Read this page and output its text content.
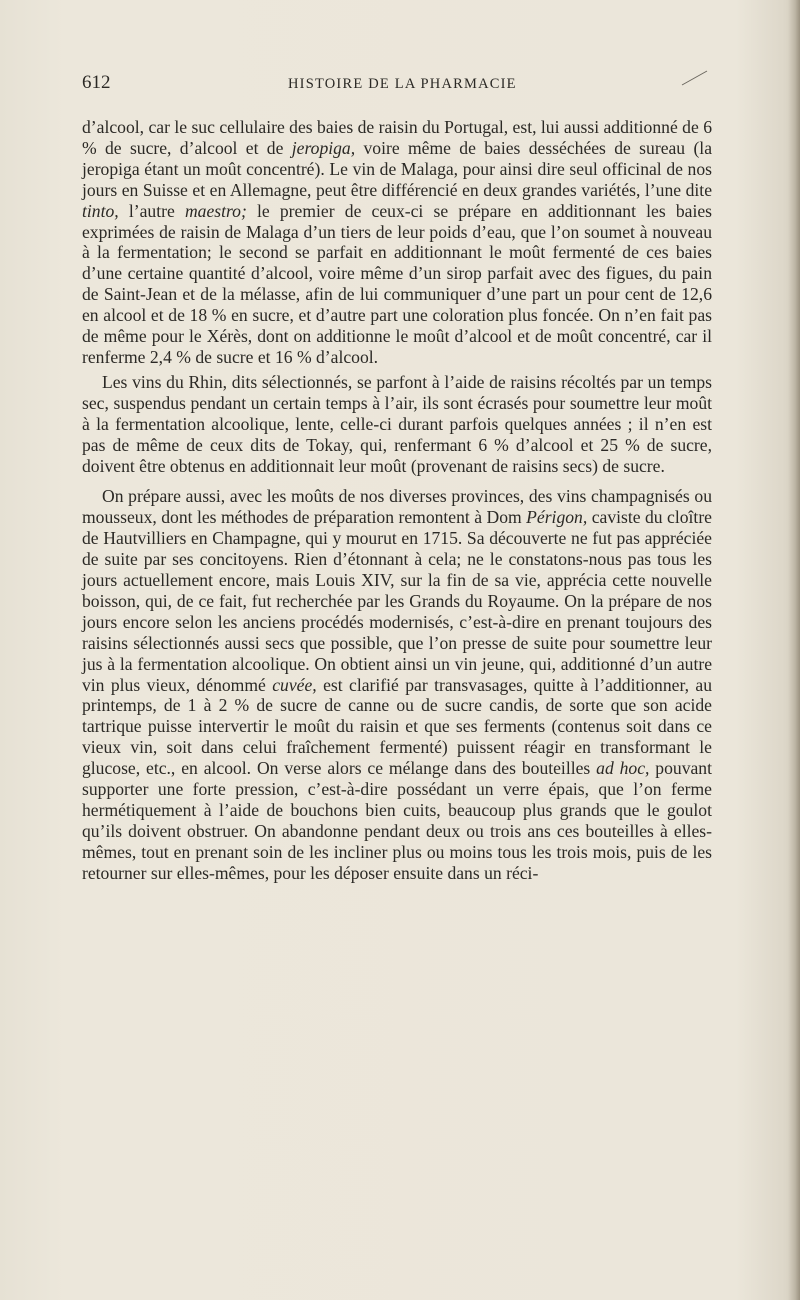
612	HISTOIRE DE LA PHARMACIE

d’alcool, car le suc cellulaire des baies de raisin du Portugal, est, lui aussi additionné de 6 % de sucre, d’alcool et de jeropiga, voire même de baies desséchées de sureau (la jeropiga étant un moût concentré). Le vin de Malaga, pour ainsi dire seul officinal de nos jours en Suisse et en Allemagne, peut être différencié en deux grandes variétés, l’une dite tinto, l’autre maestro; le premier de ceux-ci se prépare en additionnant les baies exprimées de raisin de Malaga d’un tiers de leur poids d’eau, que l’on soumet à nouveau à la fermentation; le second se parfait en additionnant le moût fermenté de ces baies d’une certaine quantité d’alcool, voire même d’un sirop parfait avec des figues, du pain de Saint-Jean et de la mélasse, afin de lui communiquer d’une part un pour cent de 12,6 en alcool et de 18 % en sucre, et d’autre part une coloration plus foncée. On n’en fait pas de même pour le Xérès, dont on additionne le moût d’alcool et de moût concentré, car il renferme 2,4 % de sucre et 16 % d’alcool.

Les vins du Rhin, dits sélectionnés, se parfont à l’aide de raisins récoltés par un temps sec, suspendus pendant un certain temps à l’air, ils sont écrasés pour soumettre leur moût à la fermentation alcoolique, lente, celle-ci durant parfois quelques années ; il n’en est pas de même de ceux dits de Tokay, qui, renfermant 6 % d’alcool et 25 % de sucre, doivent être obtenus en additionnait leur moût (provenant de raisins secs) de sucre.

On prépare aussi, avec les moûts de nos diverses provinces, des vins champagnisés ou mousseux, dont les méthodes de préparation remontent à Dom Périgon, caviste du cloître de Hautvilliers en Champagne, qui y mourut en 1715. Sa découverte ne fut pas appréciée de suite par ses concitoyens. Rien d’étonnant à cela; ne le constatons-nous pas tous les jours actuellement encore, mais Louis XIV, sur la fin de sa vie, apprécia cette nouvelle boisson, qui, de ce fait, fut recherchée par les Grands du Royaume. On la prépare de nos jours encore selon les anciens procédés modernisés, c’est-à-dire en prenant toujours des raisins sélectionnés aussi secs que possible, que l’on presse de suite pour soumettre leur jus à la fermentation alcoolique. On obtient ainsi un vin jeune, qui, additionné d’un autre vin plus vieux, dénommé cuvée, est clarifié par transvasages, quitte à l’additionner, au printemps, de 1 à 2 % de sucre de canne ou de sucre candis, de sorte que son acide tartrique puisse intervertir le moût du raisin et que ses ferments (contenus soit dans ce vieux vin, soit dans celui fraîchement fermenté) puissent réagir en transformant le glucose, etc., en alcool. On verse alors ce mélange dans des bouteilles ad hoc, pouvant supporter une forte pression, c’est-à-dire possédant un verre épais, que l’on ferme hermétiquement à l’aide de bouchons bien cuits, beaucoup plus grands que le goulot qu’ils doivent obstruer. On abandonne pendant deux ou trois ans ces bouteilles à elles-mêmes, tout en prenant soin de les incliner plus ou moins tous les trois mois, puis de les retourner sur elles-mêmes, pour les déposer ensuite dans un réci-
